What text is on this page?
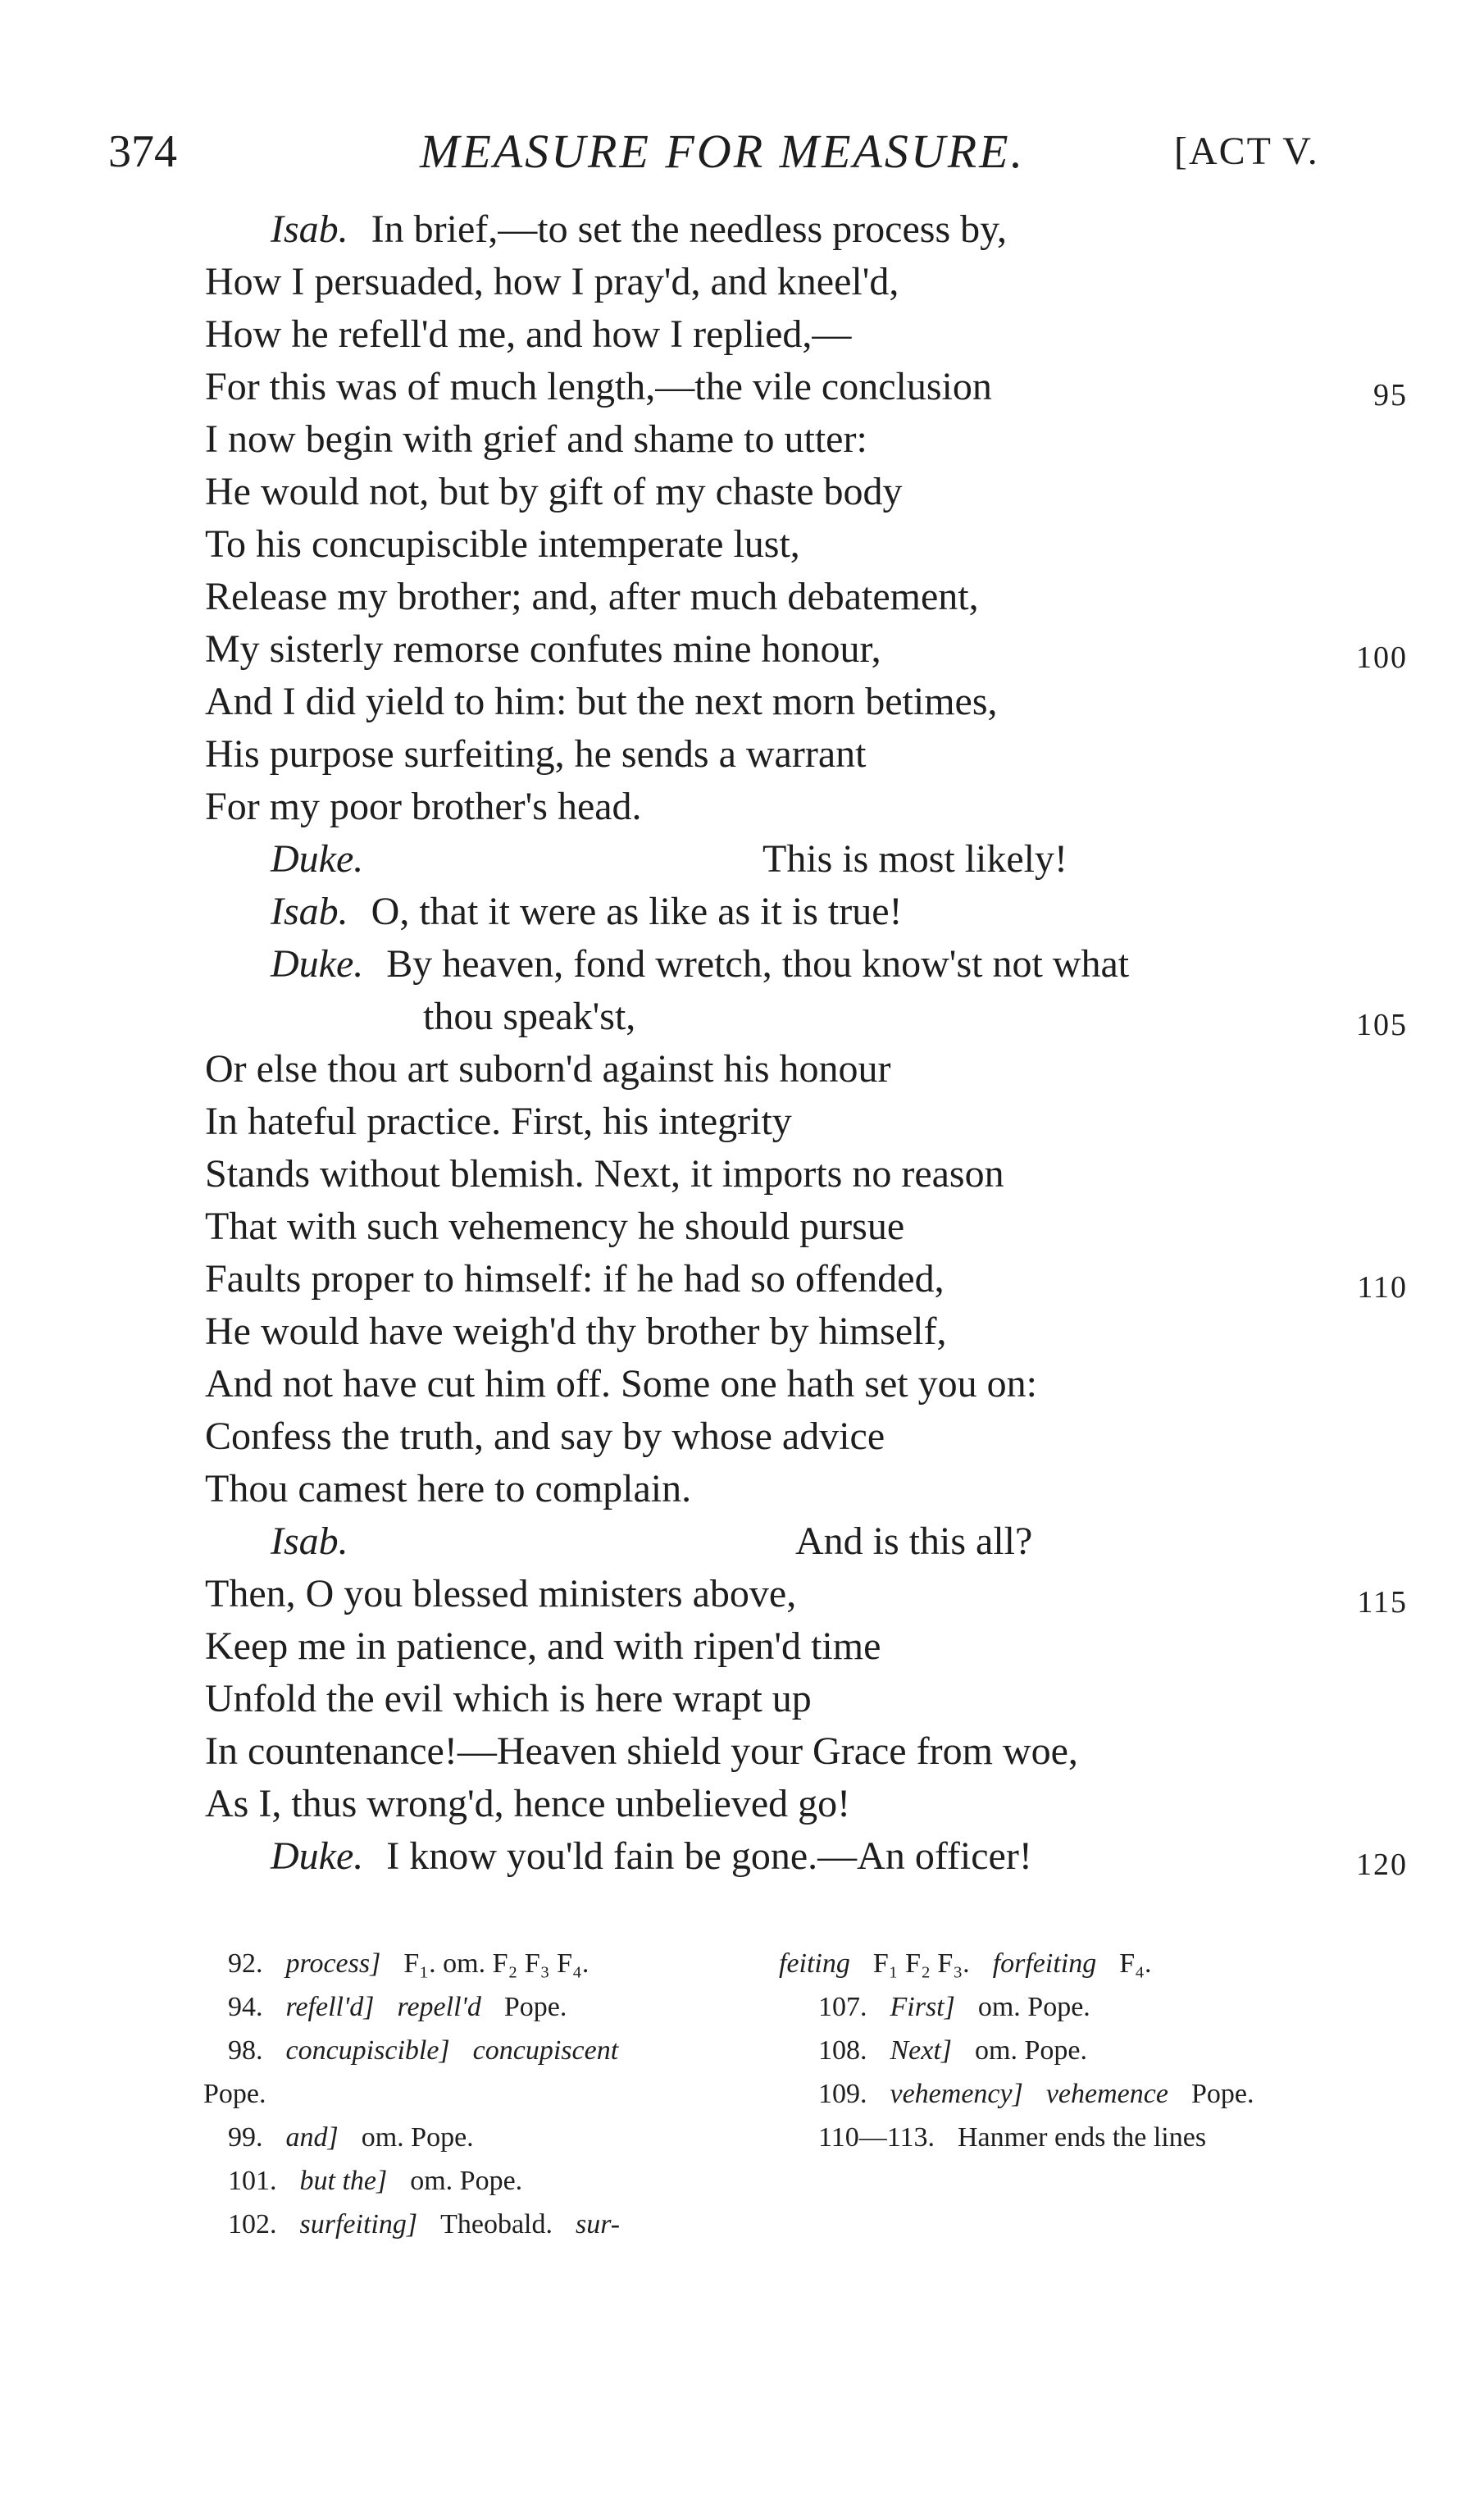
374	MEASURE FOR MEASURE.	[ACT V.
Isab. In brief,—to set the needless process by,
How I persuaded, how I pray'd, and kneel'd,
How he refell'd me, and how I replied,—
For this was of much length,—the vile conclusion	95
I now begin with grief and shame to utter:
He would not, but by gift of my chaste body
To his concupiscible intemperate lust,
Release my brother; and, after much debatement,
My sisterly remorse confutes mine honour,	100
And I did yield to him: but the next morn betimes,
His purpose surfeiting, he sends a warrant
For my poor brother's head.
Duke.	This is most likely!
Isab. O, that it were as like as it is true!
Duke. By heaven, fond wretch, thou know'st not what
thou speak'st,	105
Or else thou art suborn'd against his honour
In hateful practice. First, his integrity
Stands without blemish. Next, it imports no reason
That with such vehemency he should pursue
Faults proper to himself: if he had so offended,	110
He would have weigh'd thy brother by himself,
And not have cut him off. Some one hath set you on:
Confess the truth, and say by whose advice
Thou camest here to complain.
Isab.	And is this all?
Then, O you blessed ministers above,	115
Keep me in patience, and with ripen'd time
Unfold the evil which is here wrapt up
In countenance!—Heaven shield your Grace from woe,
As I, thus wrong'd, hence unbelieved go!
Duke. I know you'ld fain be gone.—An officer!	120
92. process] F₁. om. F₂ F₃ F₄.
94. refell'd] repell'd Pope.
98. concupiscible] concupiscent
Pope.
99. and] om. Pope.
101. but the] om. Pope.
102. surfeiting] Theobald. sur-
feiting F₁ F₂ F₃. forfeiting F₄.
107. First] om. Pope.
108. Next] om. Pope.
109. vehemency] vehemence Pope.
110—113. Hanmer ends the lines
